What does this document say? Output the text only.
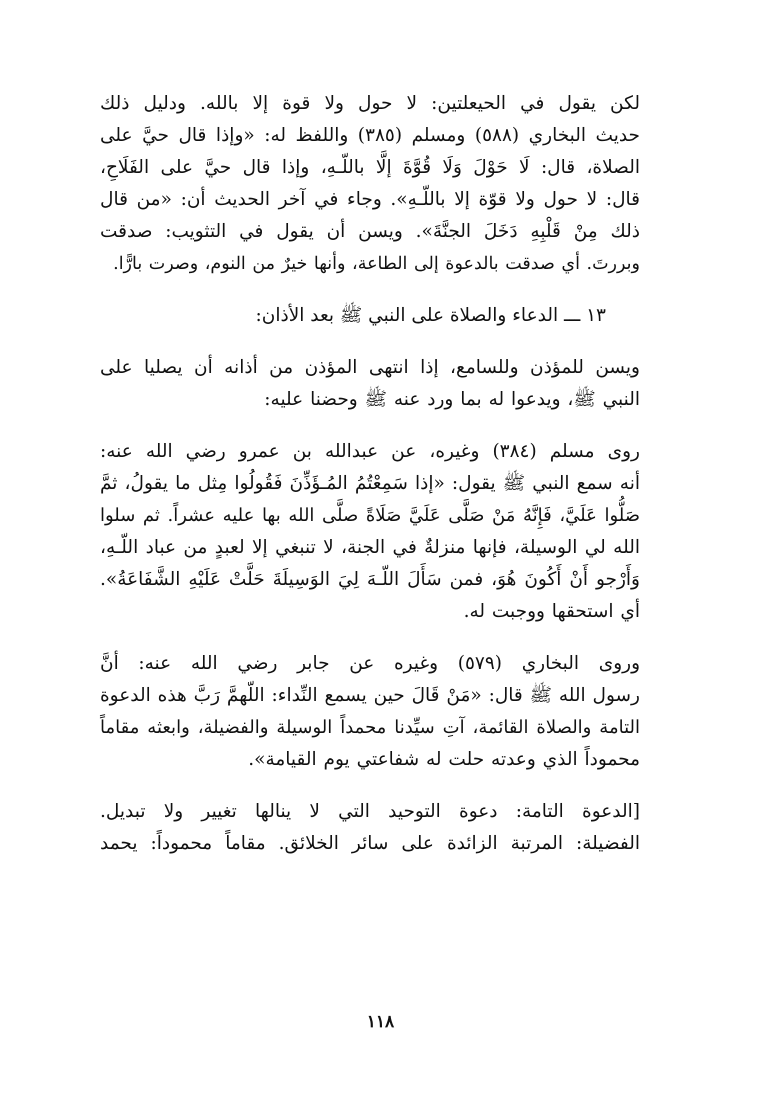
لكن يقول في الحيعلتين: لا حول ولا قوة إلا بالله. ودليل ذلك
حديث البخاري (٥٨٨) ومسلم (٣٨٥) واللفظ له: «وإذا قال حيَّ على
الصلاة، قال: لَا حَوْلَ وَلَا قُوَّةَ إلَّا باللّـهِ، وإذا قال حيَّ على الفَلَاحِ،
قال: لا حول ولا قوّة إلا باللّـهِ». وجاء في آخر الحديث أن: «من قال
ذلك مِنْ قَلْبِهِ دَخَلَ الجنَّةَ». ويسن أن يقول في التثويب: صدقت
وبررتَ. أي صدقت بالدعوة إلى الطاعة، وأنها خيرٌ من النوم، وصرت بارًّا.

١٣ ـــ الدعاء والصلاة على النبي ﷺ بعد الأذان:

ويسن للمؤذن وللسامع، إذا انتهى المؤذن من أذانه أن يصليا على
النبي ﷺ، ويدعوا له بما ورد عنه ﷺ وحضنا عليه:

روى مسلم (٣٨٤) وغيره، عن عبدالله بن عمرو رضي الله عنه:
أنه سمع النبي ﷺ يقول: «إذا سَمِعْتُمُ المُـؤَذِّنَ فَقُولُوا مِثل ما يقولُ، ثمَّ
صَلُّوا عَلَيَّ، فَإِنَّهُ مَنْ صَلَّى عَلَيَّ صَلَاةً صلَّى الله بها عليه عشراً. ثم سلوا
الله لي الوسيلة، فإنها منزلةٌ في الجنة، لا تنبغي إلا لعبدٍ من عباد اللّـهِ،
وَأَرْجو أَنْ أَكُونَ هُوَ، فمن سَأَلَ اللّـهَ لِيَ الوَسِيلَةَ حَلَّتْ عَلَيْهِ الشَّفَاعَةُ».
أي استحقها ووجبت له.

وروى البخاري (٥٧٩) وغيره عن جابر رضي الله عنه: أنَّ
رسول الله ﷺ قال: «مَنْ قَالَ حين يسمع النِّداء: اللّهمَّ رَبَّ هذه الدعوة
التامة والصلاة القائمة، آتِ سيِّدنا محمداً الوسيلة والفضيلة، وابعثه مقاماً
محموداً الذي وعدته حلت له شفاعتي يوم القيامة».

[الدعوة التامة: دعوة التوحيد التي لا ينالها تغيير ولا تبديل.
الفضيلة: المرتبة الزائدة على سائر الخلائق. مقاماً محموداً: يحمد

١١٨
